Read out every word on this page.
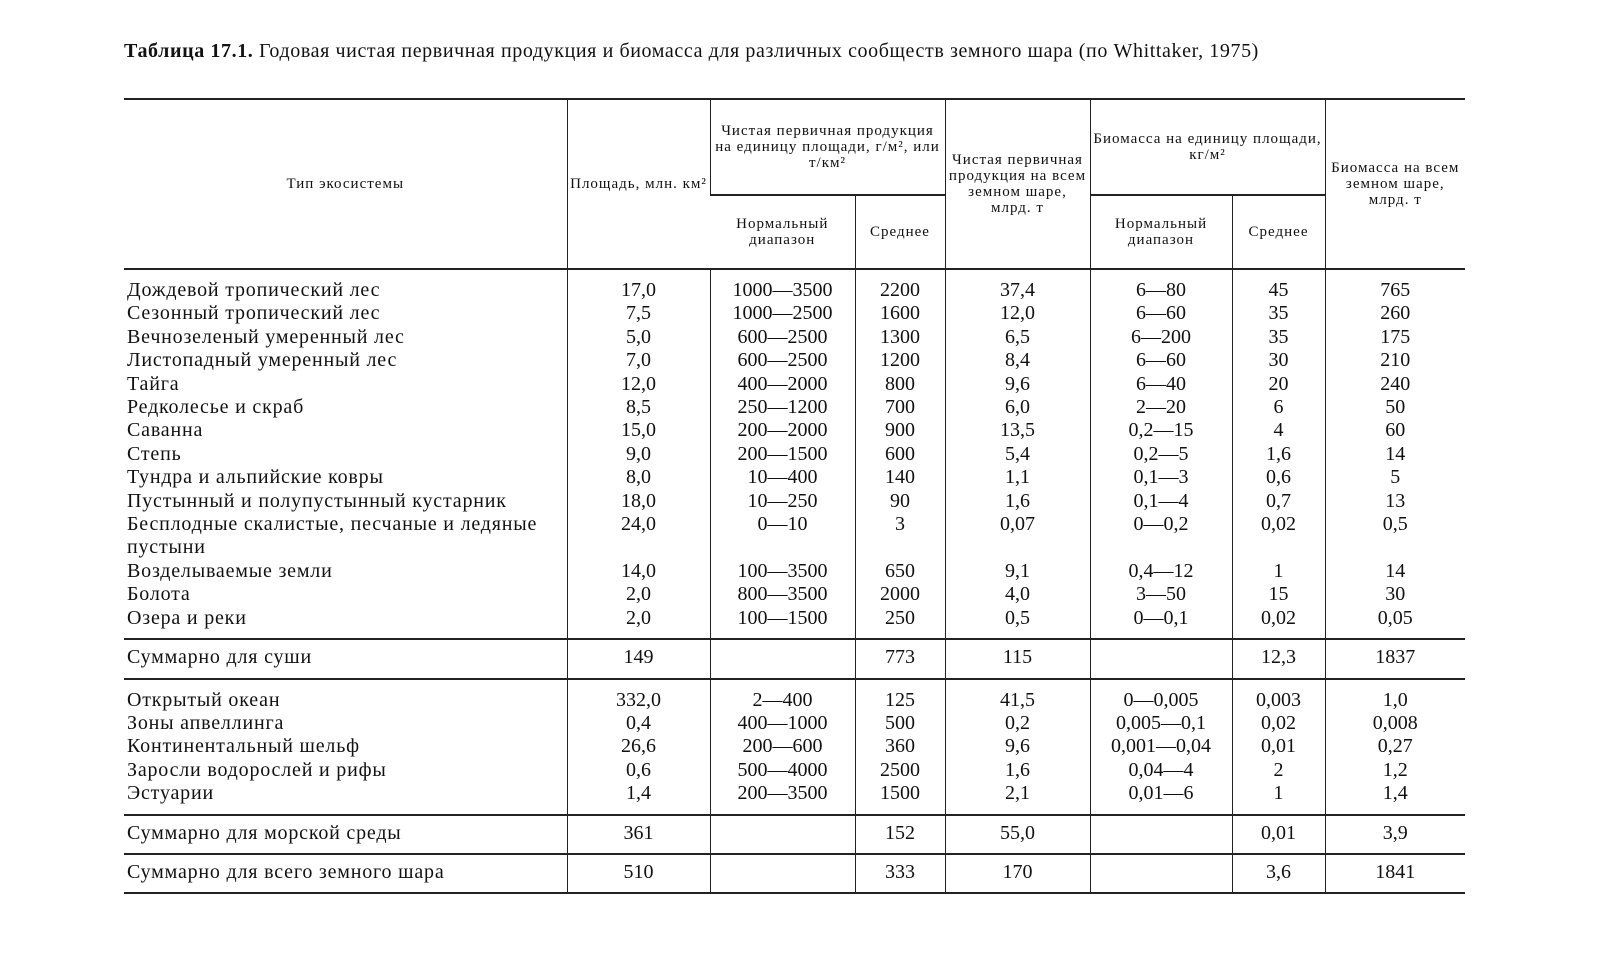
Таблица 17.1. Годовая чистая первичная продукция и биомасса для различных сообществ земного шара (по Whittaker, 1975)
Тип экосистемы	Площадь, млн. км²	Чистая первичная продукция на единицу площади, г/м², или т/км²		Чистая первичная продукция на всем земном шаре, млрд. т	Биомасса на единицу площади, кг/м²		Биомасса на всем земном шаре, млрд. т
		Нормальный диапазон	Среднее		Нормальный диапазон	Среднее	
Дождевой тропический лес	17,0	1000—3500	2200	37,4	6—80	45	765
Сезонный тропический лес	7,5	1000—2500	1600	12,0	6—60	35	260
Вечнозеленый умеренный лес	5,0	600—2500	1300	6,5	6—200	35	175
Листопадный умеренный лес	7,0	600—2500	1200	8,4	6—60	30	210
Тайга	12,0	400—2000	800	9,6	6—40	20	240
Редколесье и скраб	8,5	250—1200	700	6,0	2—20	6	50
Саванна	15,0	200—2000	900	13,5	0,2—15	4	60
Степь	9,0	200—1500	600	5,4	0,2—5	1,6	14
Тундра и альпийские ковры	8,0	10—400	140	1,1	0,1—3	0,6	5
Пустынный и полупустынный кустарник	18,0	10—250	90	1,6	0,1—4	0,7	13
Бесплодные скалистые, песчаные и ледяные пустыни	24,0	0—10	3	0,07	0—0,2	0,02	0,5
Возделываемые земли	14,0	100—3500	650	9,1	0,4—12	1	14
Болота	2,0	800—3500	2000	4,0	3—50	15	30
Озера и реки	2,0	100—1500	250	0,5	0—0,1	0,02	0,05
Суммарно для суши	149		773	115		12,3	1837
Открытый океан	332,0	2—400	125	41,5	0—0,005	0,003	1,0
Зоны апвеллинга	0,4	400—1000	500	0,2	0,005—0,1	0,02	0,008
Континентальный шельф	26,6	200—600	360	9,6	0,001—0,04	0,01	0,27
Заросли водорослей и рифы	0,6	500—4000	2500	1,6	0,04—4	2	1,2
Эстуарии	1,4	200—3500	1500	2,1	0,01—6	1	1,4
Суммарно для морской среды	361		152	55,0		0,01	3,9
Суммарно для всего земного шара	510		333	170		3,6	1841
